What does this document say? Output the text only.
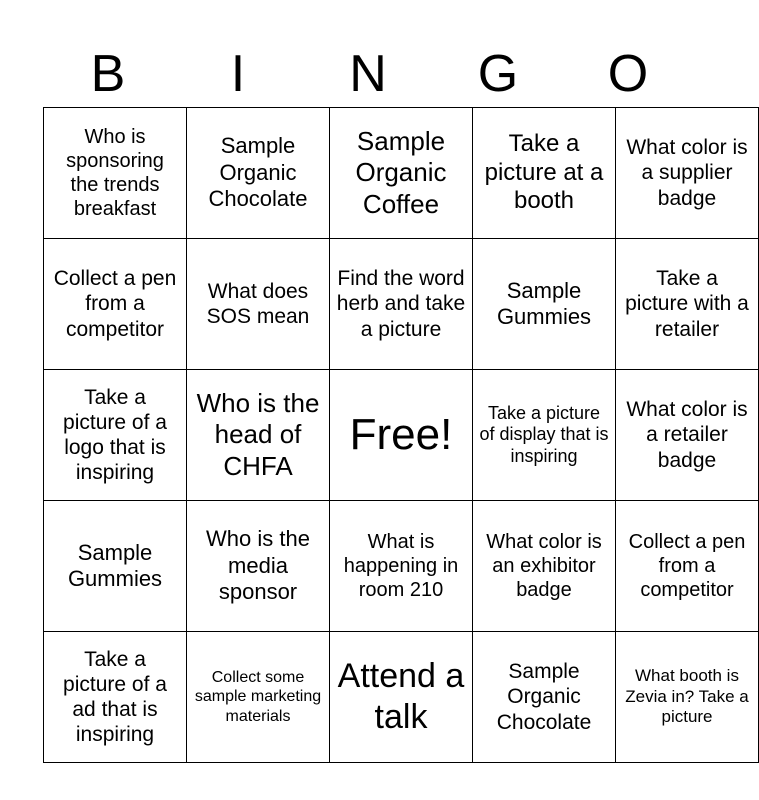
B	I	N	G	O
Who is sponsoring the trends breakfast	Sample Organic Chocolate	Sample Organic Coffee	Take a picture at a booth	What color is a supplier badge
Collect a pen from a competitor	What does SOS mean	Find the word herb and take a picture	Sample Gummies	Take a picture with a retailer
Take a picture of a logo that is inspiring	Who is the head of CHFA	Free!	Take a picture of display that is inspiring	What color is a retailer badge
Sample Gummies	Who is the media sponsor	What is happening in room 210	What color is an exhibitor badge	Collect a pen from a competitor
Take a picture of a ad that is inspiring	Collect some sample marketing materials	Attend a talk	Sample Organic Chocolate	What booth is Zevia in? Take a picture
